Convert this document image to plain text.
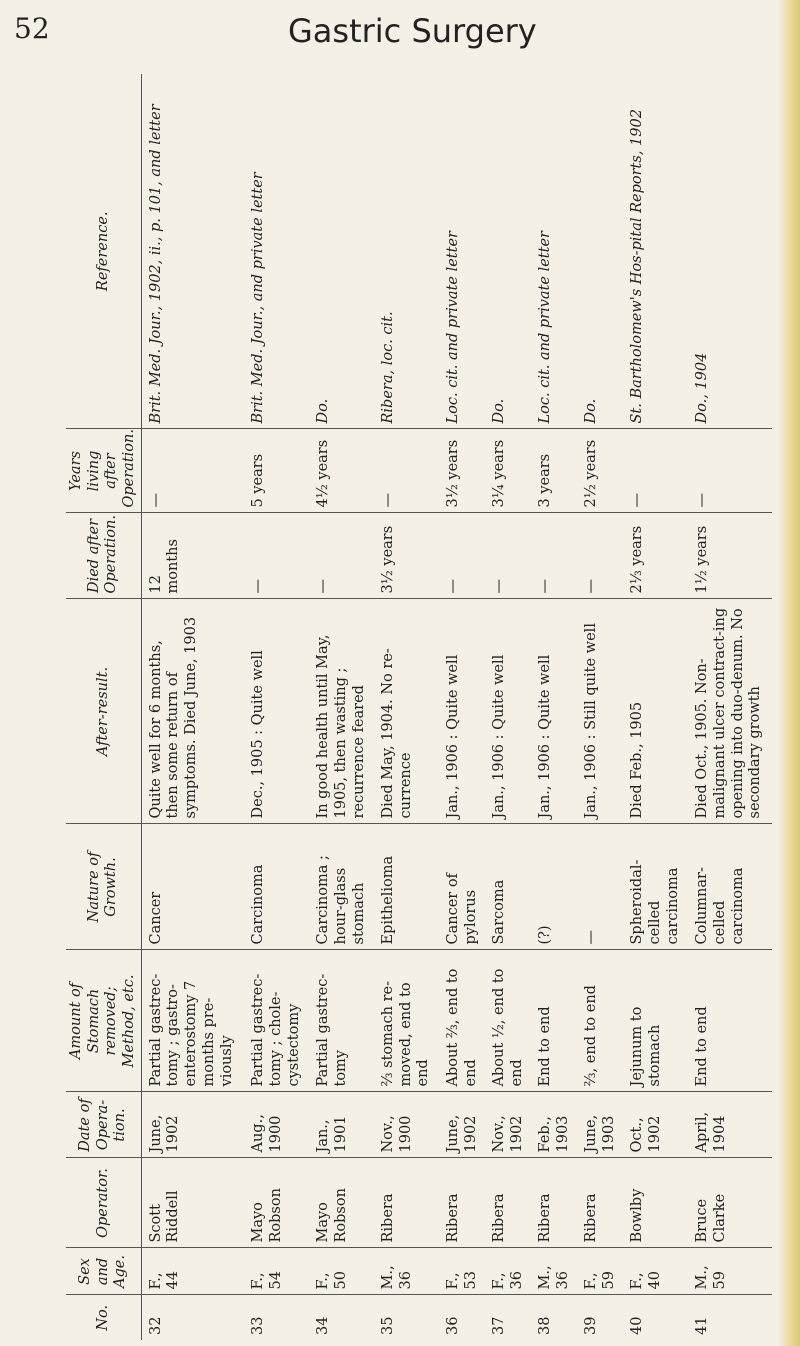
52	Gastric Surgery
No.	Sex and Age.	Operator.	Date of Opera- tion.	Amount of Stomach removed; Method, etc.	Nature of Growth.	After-result.	Died after Operation.	Years living after Operation.	Reference.
32	F., 44	Scott Riddell	June, 1902	Partial gastrec-tomy ; gastro-enterostomy 7 months pre-viously	Cancer	Quite well for 6 months, then some return of symptoms. Died June, 1903	12 months	—	Brit. Med. Jour., 1902, ii., p. 101, and letter
33	F., 54	Mayo Robson	Aug., 1900	Partial gastrec-tomy ; chole-cystectomy	Carcinoma	Dec., 1905 : Quite well	—	5 years	Brit. Med. Jour., and private letter
34	F., 50	Mayo Robson	Jan., 1901	Partial gastrec-tomy	Carcinoma ; hour-glass stomach	In good health until May, 1905, then wasting ; recurrence feared	—	4½ years	Do.
35	M., 36	Ribera	Nov., 1900	⅔ stomach re-moved, end to end	Epithelioma	Died May, 1904. No re-currence	3½ years	—	Ribera, loc. cit.
36	F., 53	Ribera	June, 1902	About ⅔, end to end	Cancer of pylorus	Jan., 1906 : Quite well	—	3½ years	Loc. cit. and private letter
37	F., 36	Ribera	Nov., 1902	About ½, end to end	Sarcoma	Jan., 1906 : Quite well	—	3¼ years	Do.
38	M., 36	Ribera	Feb., 1903	End to end	(?)	Jan., 1906 : Quite well	—	3 years	Loc. cit. and private letter
39	F., 59	Ribera	June, 1903	⅔, end to end	—	Jan., 1906 : Still quite well	—	2½ years	Do.
40	F., 40	Bowlby	Oct., 1902	Jejunum to stomach	Spheroidal-celled carcinoma	Died Feb., 1905	2⅓ years	—	St. Bartholomew's Hos-pital Reports, 1902
41	M., 59	Bruce Clarke	April, 1904	End to end	Columnar-celled carcinoma	Died Oct., 1905. Non-malignant ulcer contract-ing opening into duo-denum. No secondary growth	1½ years	—	Do., 1904
